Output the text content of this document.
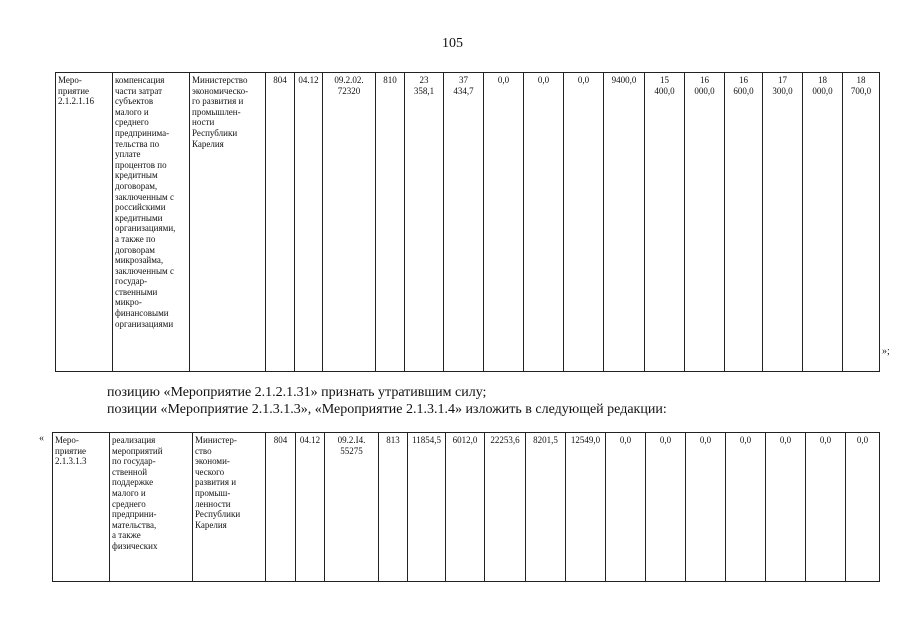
105
Меро-
приятие
2.1.2.1.16	компенсация
части затрат
субъектов
малого и
среднего
предпринима-
тельства по
уплате
процентов по
кредитным
договорам,
заключенным с
российскими
кредитными
организациями,
а также по
договорам
микрозайма,
заключенным с
государ-
ственными
микро-
финансовыми
организациями	Министерство
экономическо-
го развития и
промышлен-
ности
Республики
Карелия	804	04.12	09.2.02.
72320	810	23
358,1	37
434,7	0,0	0,0	0,0	9400,0	15
400,0	16
000,0	16
600,0	17
300,0	18
000,0	18
700,0
»;
позицию «Мероприятие 2.1.2.1.31» признать утратившим силу;
позиции «Мероприятие 2.1.3.1.3», «Мероприятие 2.1.3.1.4» изложить в следующей редакции:
« Меро-
приятие
2.1.3.1.3	реализация
мероприятий
по государ-
ственной
поддержке
малого и
среднего
предприни-
мательства,
а также
физических	Министер-
ство
экономи-
ческого
развития и
промыш-
ленности
Республики
Карелия	804	04.12	09.2.I4.
55275	813	11854,5	6012,0	22253,6	8201,5	12549,0	0,0	0,0	0,0	0,0	0,0	0,0	0,0
